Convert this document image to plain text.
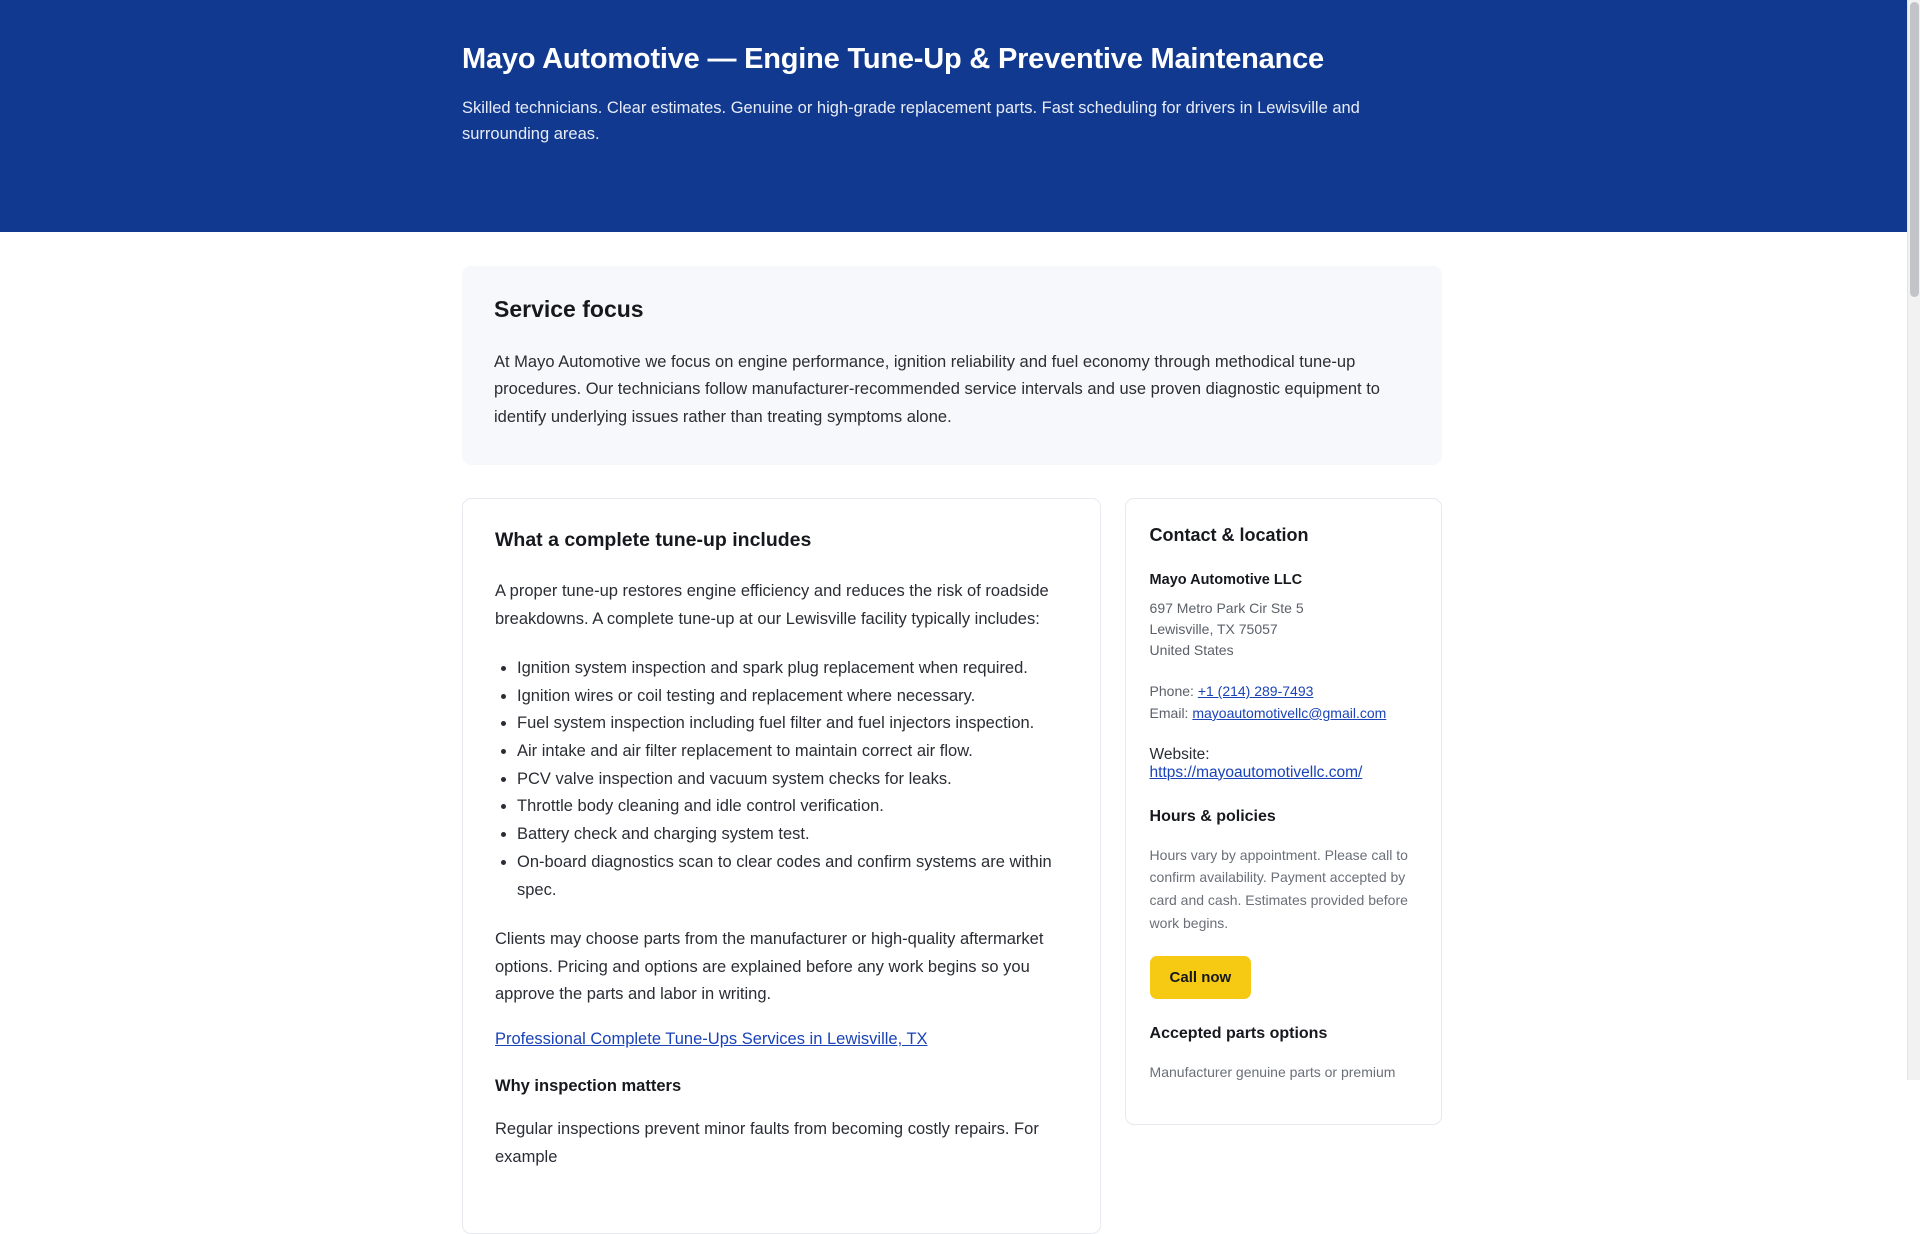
Mayo Automotive — Engine Tune-Up & Preventive Maintenance

Skilled technicians. Clear estimates. Genuine or high-grade replacement parts. Fast scheduling for drivers in Lewisville and surrounding areas.

Service focus

At Mayo Automotive we focus on engine performance, ignition reliability and fuel economy through methodical tune-up procedures. Our technicians follow manufacturer-recommended service intervals and use proven diagnostic equipment to identify underlying issues rather than treating symptoms alone.

What a complete tune-up includes

A proper tune-up restores engine efficiency and reduces the risk of roadside breakdowns. A complete tune-up at our Lewisville facility typically includes:

• Ignition system inspection and spark plug replacement when required.
• Ignition wires or coil testing and replacement where necessary.
• Fuel system inspection including fuel filter and fuel injectors inspection.
• Air intake and air filter replacement to maintain correct air flow.
• PCV valve inspection and vacuum system checks for leaks.
• Throttle body cleaning and idle control verification.
• Battery check and charging system test.
• On-board diagnostics scan to clear codes and confirm systems are within spec.

Clients may choose parts from the manufacturer or high-quality aftermarket options. Pricing and options are explained before any work begins so you approve the parts and labor in writing.

Professional Complete Tune-Ups Services in Lewisville, TX
Why inspection matters

Regular inspections prevent minor faults from becoming costly repairs. For example

Contact & location

Mayo Automotive LLC

697 Metro Park Cir Ste 5

Lewisville, TX 75057

United States

Phone: +1 (214) 289-7493

Email: mayoautomotivellc@gmail.com

Website: https://mayoautomotivellc.com/

Hours & policies

Hours vary by appointment. Please call to confirm availability. Payment accepted by card and cash. Estimates provided before work begins.

Call now
Accepted parts options

Manufacturer genuine parts or premium
